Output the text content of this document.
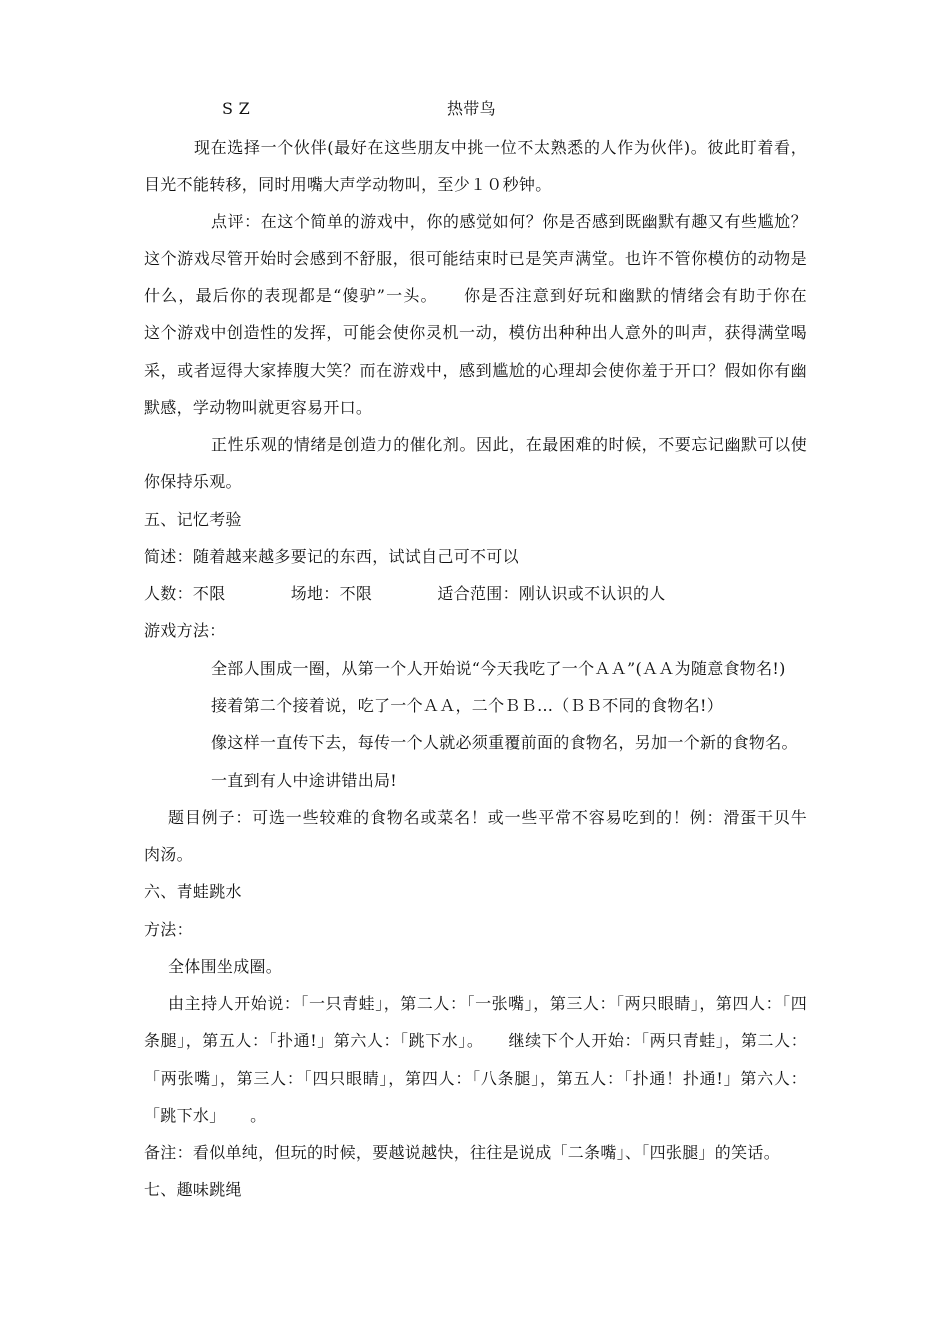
S Z	热带鸟
现在选择一个伙伴(最好在这些朋友中挑一位不太熟悉的人作为伙伴)。彼此盯着看，
目光不能转移，同时用嘴大声学动物叫，至少１０秒钟。
点评：在这个简单的游戏中，你的感觉如何？你是否感到既幽默有趣又有些尴尬？
这个游戏尽管开始时会感到不舒服，很可能结束时已是笑声满堂。也许不管你模仿的动物是
什么，最后你的表现都是“傻驴”一头。　　你是否注意到好玩和幽默的情绪会有助于你在
这个游戏中创造性的发挥，可能会使你灵机一动，模仿出种种出人意外的叫声，获得满堂喝
采，或者逗得大家捧腹大笑？而在游戏中，感到尴尬的心理却会使你羞于开口？假如你有幽
默感，学动物叫就更容易开口。
正性乐观的情绪是创造力的催化剂。因此，在最困难的时候，不要忘记幽默可以使
你保持乐观。
五、记忆考验
简述：随着越来越多要记的东西，试试自己可不可以
人数：不限　　　　场地：不限　　　　适合范围：刚认识或不认识的人
游戏方法：
全部人围成一圈，从第一个人开始说“今天我吃了一个ＡＡ”(ＡＡ为随意食物名!)
接着第二个接着说，吃了一个ＡＡ，二个ＢＢ…（ＢＢ不同的食物名!）
像这样一直传下去，每传一个人就必须重覆前面的食物名，另加一个新的食物名。
一直到有人中途讲错出局!
题目例子：可选一些较难的食物名或菜名！或一些平常不容易吃到的！例：滑蛋干贝牛
肉汤。
六、青蛙跳水
方法：
全体围坐成圈。
由主持人开始说：「一只青蛙」，第二人：「一张嘴」，第三人：「两只眼睛」，第四人：「四
条腿」，第五人：「扑通!」第六人：「跳下水」。　　继续下个人开始：「两只青蛙」，第二人：
「两张嘴」，第三人：「四只眼睛」，第四人：「八条腿」，第五人：「扑通！扑通!」第六人：
「跳下水」　　。
备注：看似单纯，但玩的时候，要越说越快，往往是说成「二条嘴」、「四张腿」的笑话。
七、趣味跳绳
